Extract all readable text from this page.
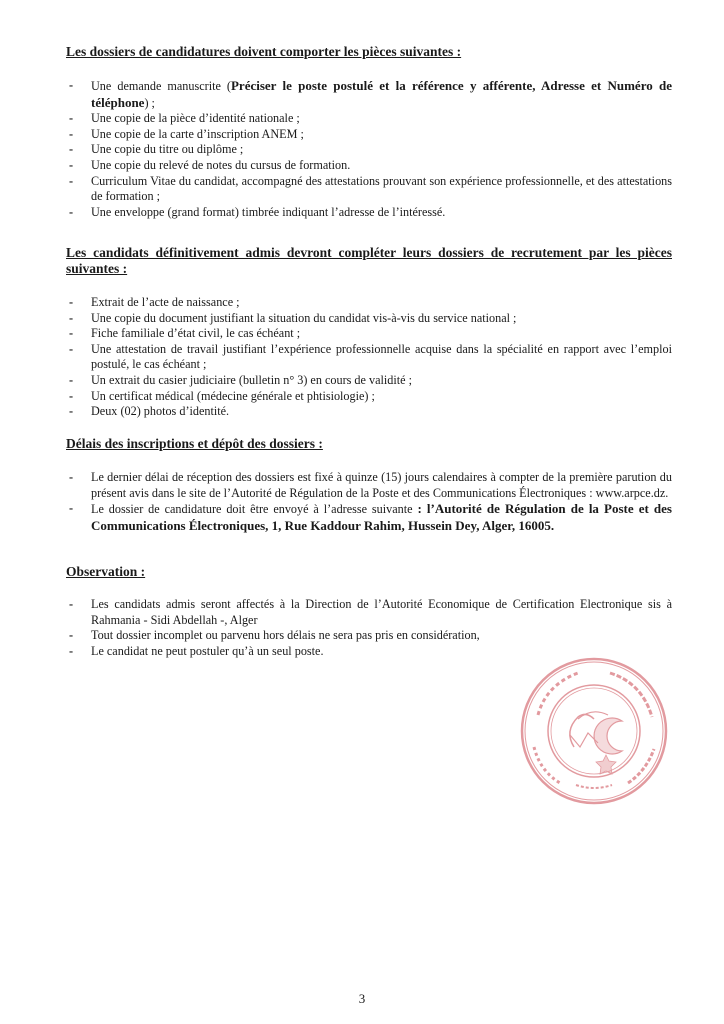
Les dossiers de candidatures doivent comporter les pièces suivantes :

- Une demande manuscrite (Préciser le poste postulé et la référence y afférente, Adresse et Numéro de téléphone) ;
- Une copie de la pièce d’identité nationale ;
- Une copie de la carte d’inscription ANEM ;
- Une copie du titre ou diplôme ;
- Une copie du relevé de notes du cursus de formation.
- Curriculum Vitae du candidat, accompagné des attestations prouvant son expérience professionnelle, et des attestations de formation ;
- Une enveloppe (grand format) timbrée indiquant l’adresse de l’intéressé.

Les candidats définitivement admis devront compléter leurs dossiers de recrutement par les pièces suivantes :

- Extrait de l’acte de naissance ;
- Une copie du document justifiant la situation du candidat vis-à-vis du service national ;
- Fiche familiale d’état civil, le cas échéant ;
- Une attestation de travail justifiant l’expérience professionnelle acquise dans la spécialité en rapport avec l’emploi postulé, le cas échéant ;
- Un extrait du casier judiciaire (bulletin n° 3) en cours de validité ;
- Un certificat médical (médecine générale et phtisiologie) ;
- Deux (02) photos d’identité.

Délais des inscriptions et dépôt des dossiers :

- Le dernier délai de réception des dossiers est fixé à quinze (15) jours calendaires à compter de la première parution du présent avis dans le site de l’Autorité de Régulation de la Poste et des Communications Électroniques : www.arpce.dz.
- Le dossier de candidature doit être envoyé à l’adresse suivante : l’Autorité de Régulation de la Poste et des Communications Électroniques, 1, Rue Kaddour Rahim, Hussein Dey, Alger, 16005.

Observation :

- Les candidats admis seront affectés à la Direction de l’Autorité Economique de Certification Electronique sis à Rahmania - Sidi Abdellah -, Alger
- Tout dossier incomplet ou parvenu hors délais ne sera pas pris en considération,
- Le candidat ne peut postuler qu’à un seul poste.
3
